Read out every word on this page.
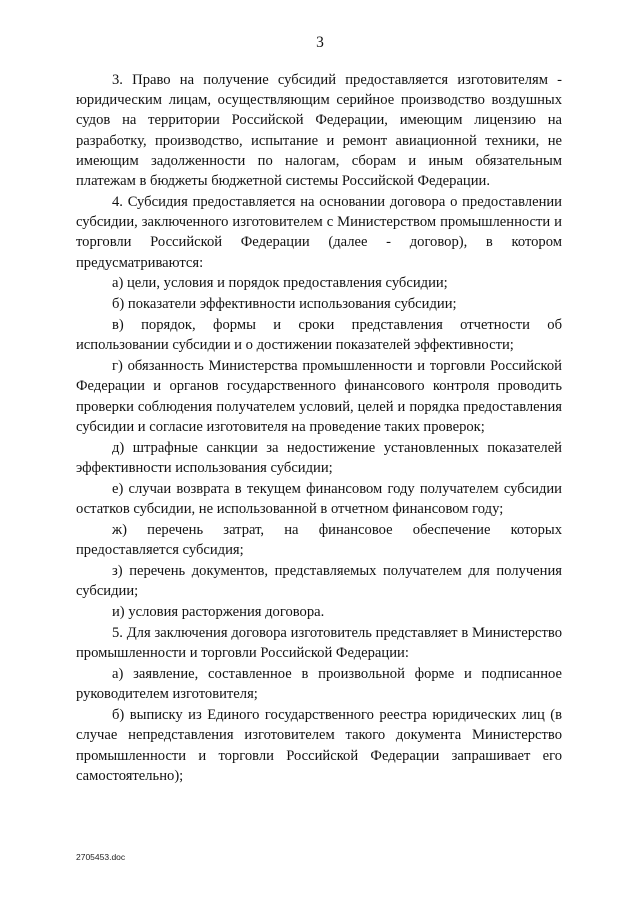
3

3. Право на получение субсидий предоставляется изготовителям - юридическим лицам, осуществляющим серийное производство воздушных судов на территории Российской Федерации, имеющим лицензию на разработку, производство, испытание и ремонт авиационной техники, не имеющим задолженности по налогам, сборам и иным обязательным платежам в бюджеты бюджетной системы Российской Федерации.

4. Субсидия предоставляется на основании договора о предоставлении субсидии, заключенного изготовителем с Министерством промышленности и торговли Российской Федерации (далее - договор), в котором предусматриваются:

а) цели, условия и порядок предоставления субсидии;

б) показатели эффективности использования субсидии;

в) порядок, формы и сроки представления отчетности об использовании субсидии и о достижении показателей эффективности;

г) обязанность Министерства промышленности и торговли Российской Федерации и органов государственного финансового контроля проводить проверки соблюдения получателем условий, целей и порядка предоставления субсидии и согласие изготовителя на проведение таких проверок;

д) штрафные санкции за недостижение установленных показателей эффективности использования субсидии;

е) случаи возврата в текущем финансовом году получателем субсидии остатков субсидии, не использованной в отчетном финансовом году;

ж) перечень затрат, на финансовое обеспечение которых предоставляется субсидия;

з) перечень документов, представляемых получателем для получения субсидии;

и) условия расторжения договора.

5. Для заключения договора изготовитель представляет в Министерство промышленности и торговли Российской Федерации:

а) заявление, составленное в произвольной форме и подписанное руководителем изготовителя;

б) выписку из Единого государственного реестра юридических лиц (в случае непредставления изготовителем такого документа Министерство промышленности и торговли Российской Федерации запрашивает его самостоятельно);

2705453.doc
